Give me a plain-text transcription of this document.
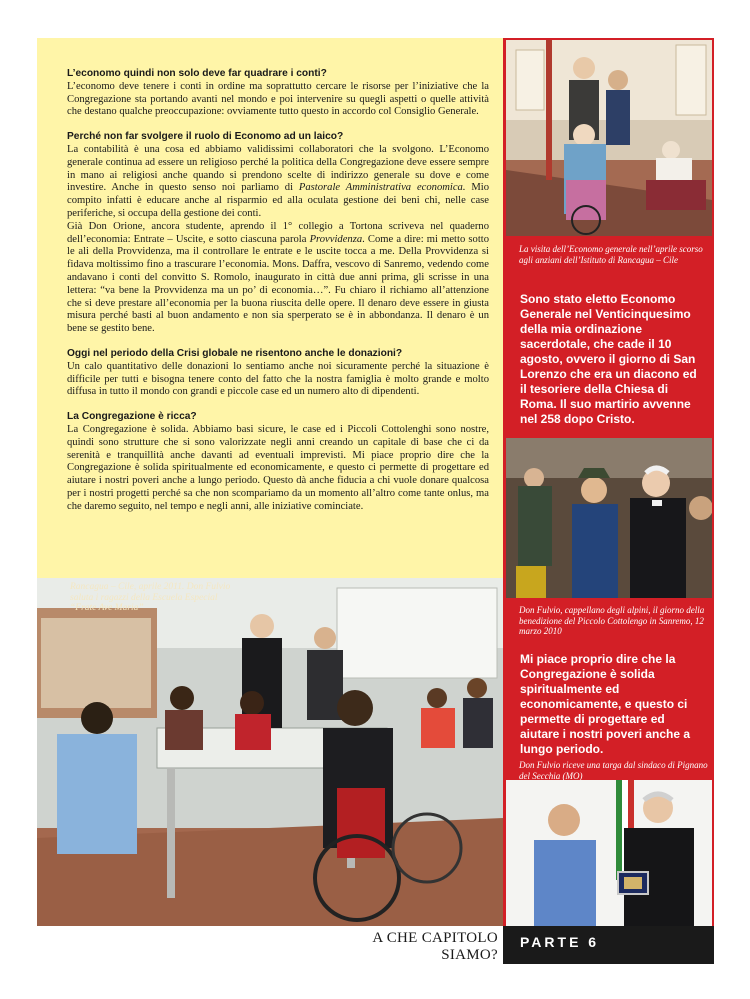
L’economo quindi non solo deve far quadrare i conti?

L’economo deve tenere i conti in ordine ma soprattutto cercare le risorse per l’iniziative che la Congregazione sta portando avanti nel mondo e poi intervenire su quegli aspetti o quelle attività che destano qualche preoccupazione: ovviamente tutto questo in accordo col Consiglio Generale.

Perché non far svolgere il ruolo di Economo ad un laico?

La contabilità è una cosa ed abbiamo validissimi collaboratori che la svolgono. L’Economo generale continua ad essere un religioso perché la politica della Congregazione deve essere sempre in mano ai religiosi anche quando si prendono scelte di indirizzo generale su dove e come investire. Anche in questo senso noi parliamo di Pastorale Amministrativa economica. Mio compito infatti è educare anche al risparmio ed alla oculata gestione dei beni chi, nelle case periferiche, si occupa della gestione dei conti.

Già Don Orione, ancora studente, aprendo il 1° collegio a Tortona scriveva nel quaderno dell’economia: Entrate – Uscite, e sotto ciascuna parola Provvidenza. Come a dire: mi metto sotto le ali della Provvidenza, ma il controllare le entrate e le uscite tocca a me. Della Provvidenza si fidava moltissimo fino a trascurare l’economia. Mons. Daffra, vescovo di Sanremo, vedendo come andavano i conti del convitto S. Romolo, inaugurato in città due anni prima, gli scrisse in una lettera: “va bene la Provvidenza ma un po’ di economia…”. Fu chiaro il richiamo all’attenzione che si deve prestare all’economia per la buona riuscita delle opere. Il denaro deve essere in giusta misura perché basti al buon andamento e non sia sperperato se è in abbondanza. Il denaro è un bene se gestito bene.

Oggi nel periodo della Crisi globale ne risentono anche le donazioni?

Un calo quantitativo delle donazioni lo sentiamo anche noi sicuramente perché la situazione è difficile per tutti e bisogna tenere conto del fatto che la nostra famiglia è molto grande e molto diffusa in tutto il mondo con grandi e piccole case ed un numero alto di dipendenti.

La Congregazione è ricca?

La Congregazione è solida. Abbiamo basi sicure, le case ed i Piccoli Cottolenghi sono nostre, quindi sono strutture che si sono valorizzate negli anni creando un capitale di base che ci da serenità e tranquillità anche davanti ad eventuali imprevisti. Mi piace proprio dire che la Congregazione è solida spiritualmente ed economicamente, e questo ci permette di progettare ed aiutare i nostri poveri anche a lungo periodo. Questo dà anche fiducia a chi vuole donare qualcosa per i nostri progetti perché sa che non scompariamo da un momento all’altro come tante onlus, ma che daremo seguito, nel tempo e negli anni, alle iniziative cominciate.

La visita dell’Economo generale nell’aprile scorso agli anziani dell’Istituto di Rancagua – Cile
Sono stato eletto Economo Generale nel Venticinquesimo della mia ordinazione sacerdotale, che cade il 10 agosto, ovvero il giorno di San Lorenzo che era un diacono ed il tesoriere della Chiesa di Roma. Il suo martirio avvenne nel 258 dopo Cristo.
Don Fulvio, cappellano degli alpini, il giorno della benedizione del Piccolo Cottolengo in Sanremo, 12 marzo 2010
Mi piace proprio dire che la Congregazione è solida spiritualmente ed economicamente, e questo ci permette di progettare ed aiutare i nostri poveri anche a lungo periodo.
Don Fulvio riceve una targa dal sindaco di Pignano del Secchia (MO)
Rancagua – Cile, aprile 2011. Don Fulvio saluta i ragazzi della Escuela Especial “Frate Ave Maria”
A CHE CAPITOLO SIAMO?
PARTE 6
